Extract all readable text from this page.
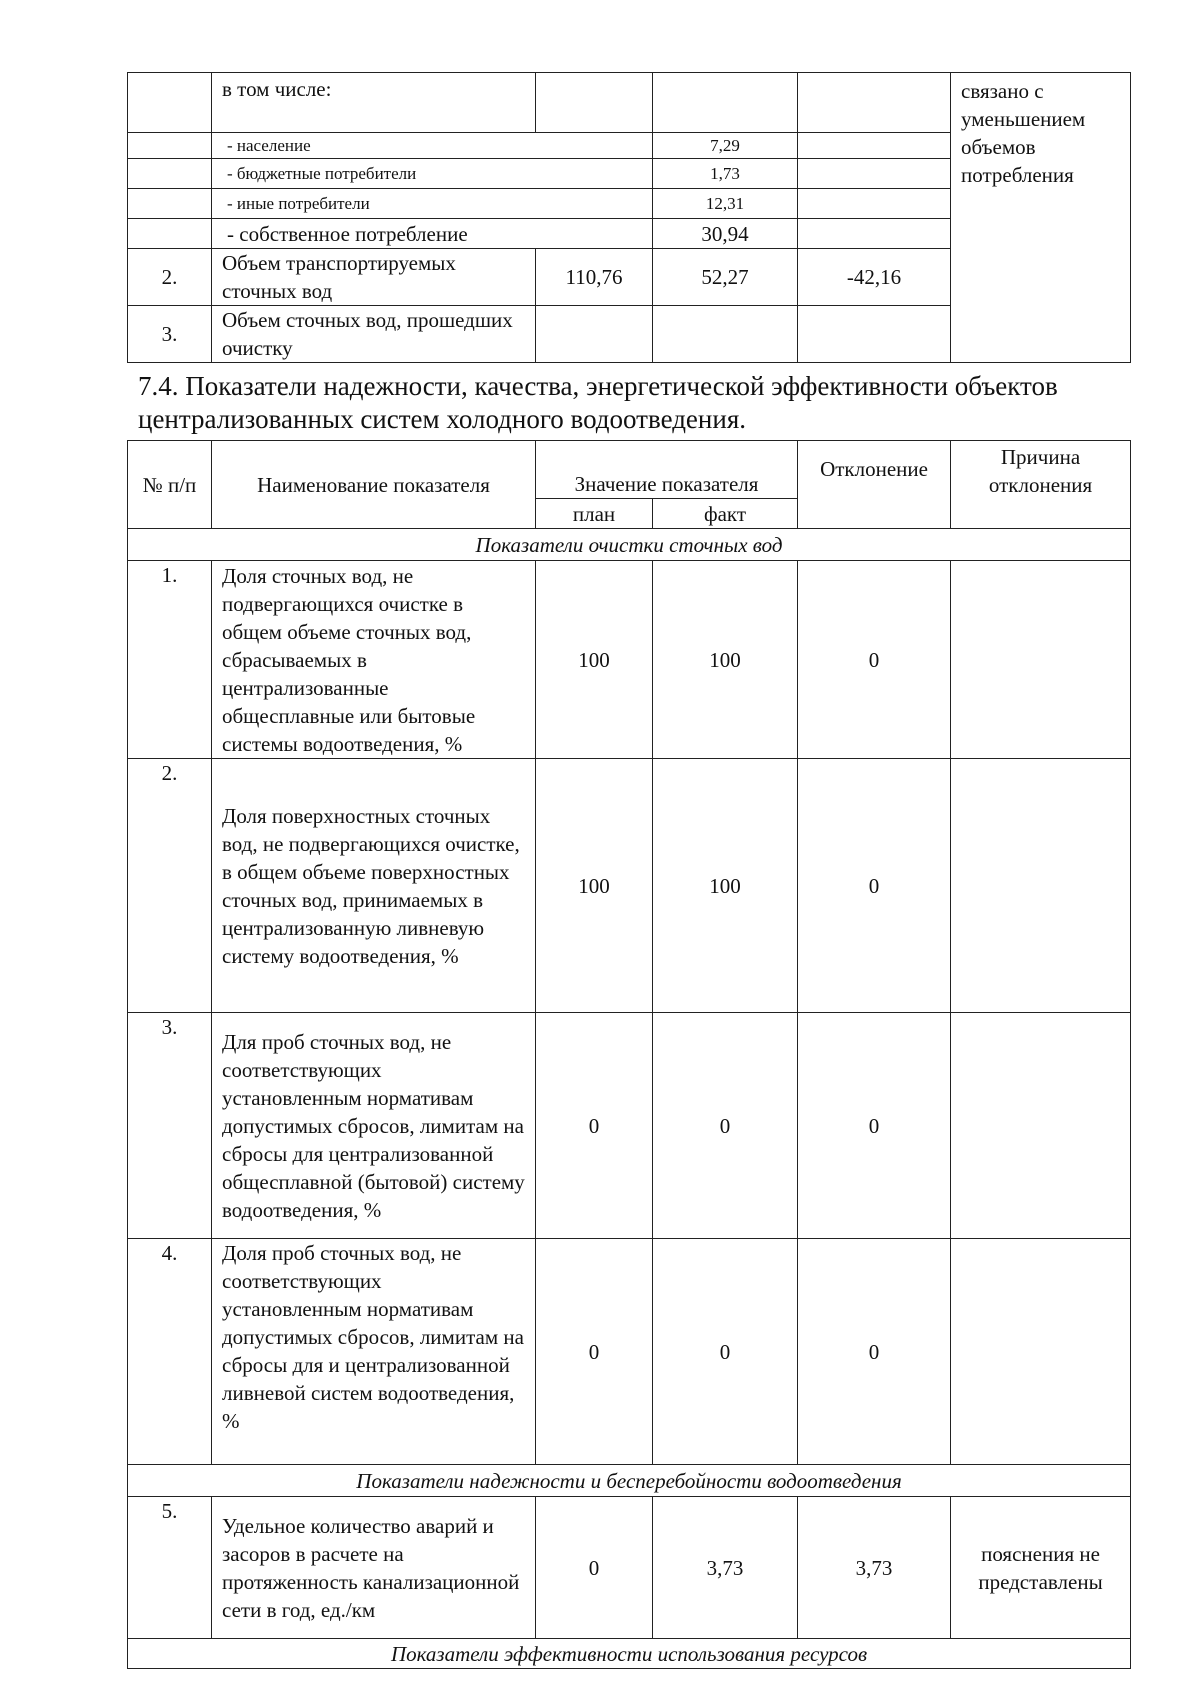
	в том числе:				связано с уменьшением объемов потребления
	- население		7,29		
	- бюджетные потребители		1,73		
	- иные потребители		12,31		
	- собственное потребление		30,94		
2.	Объем транспортируемых сточных вод	110,76	52,27	-42,16	
3.	Объем сточных вод, прошедших очистку				
7.4. Показатели надежности, качества, энергетической эффективности объектов централизованных систем холодного водоотведения.
№ п/п	Наименование показателя	Значение показателя		Отклонение	Причина отклонения
		план	факт		
Показатели очистки сточных вод					
1.	Доля сточных вод, не подвергающихся очистке в общем объеме сточных вод, сбрасываемых в централизованные общесплавные или бытовые системы водоотведения, %	100	100	0	
2.	Доля поверхностных сточных вод, не подвергающихся очистке, в общем объеме поверхностных сточных вод, принимаемых в централизованную ливневую систему водоотведения, %	100	100	0	
3.	Для проб сточных вод, не соответствующих установленным нормативам допустимых сбросов, лимитам на сбросы для централизованной общесплавной (бытовой) систему водоотведения, %	0	0	0	
4.	Доля проб сточных вод, не соответствующих установленным нормативам допустимых сбросов, лимитам на сбросы для и централизованной ливневой систем водоотведения, %	0	0	0	
Показатели надежности и бесперебойности водоотведения					
5.	Удельное количество аварий и засоров в расчете на протяженность канализационной сети в год, ед./км	0	3,73	3,73	пояснения не представлены
Показатели эффективности использования ресурсов					
